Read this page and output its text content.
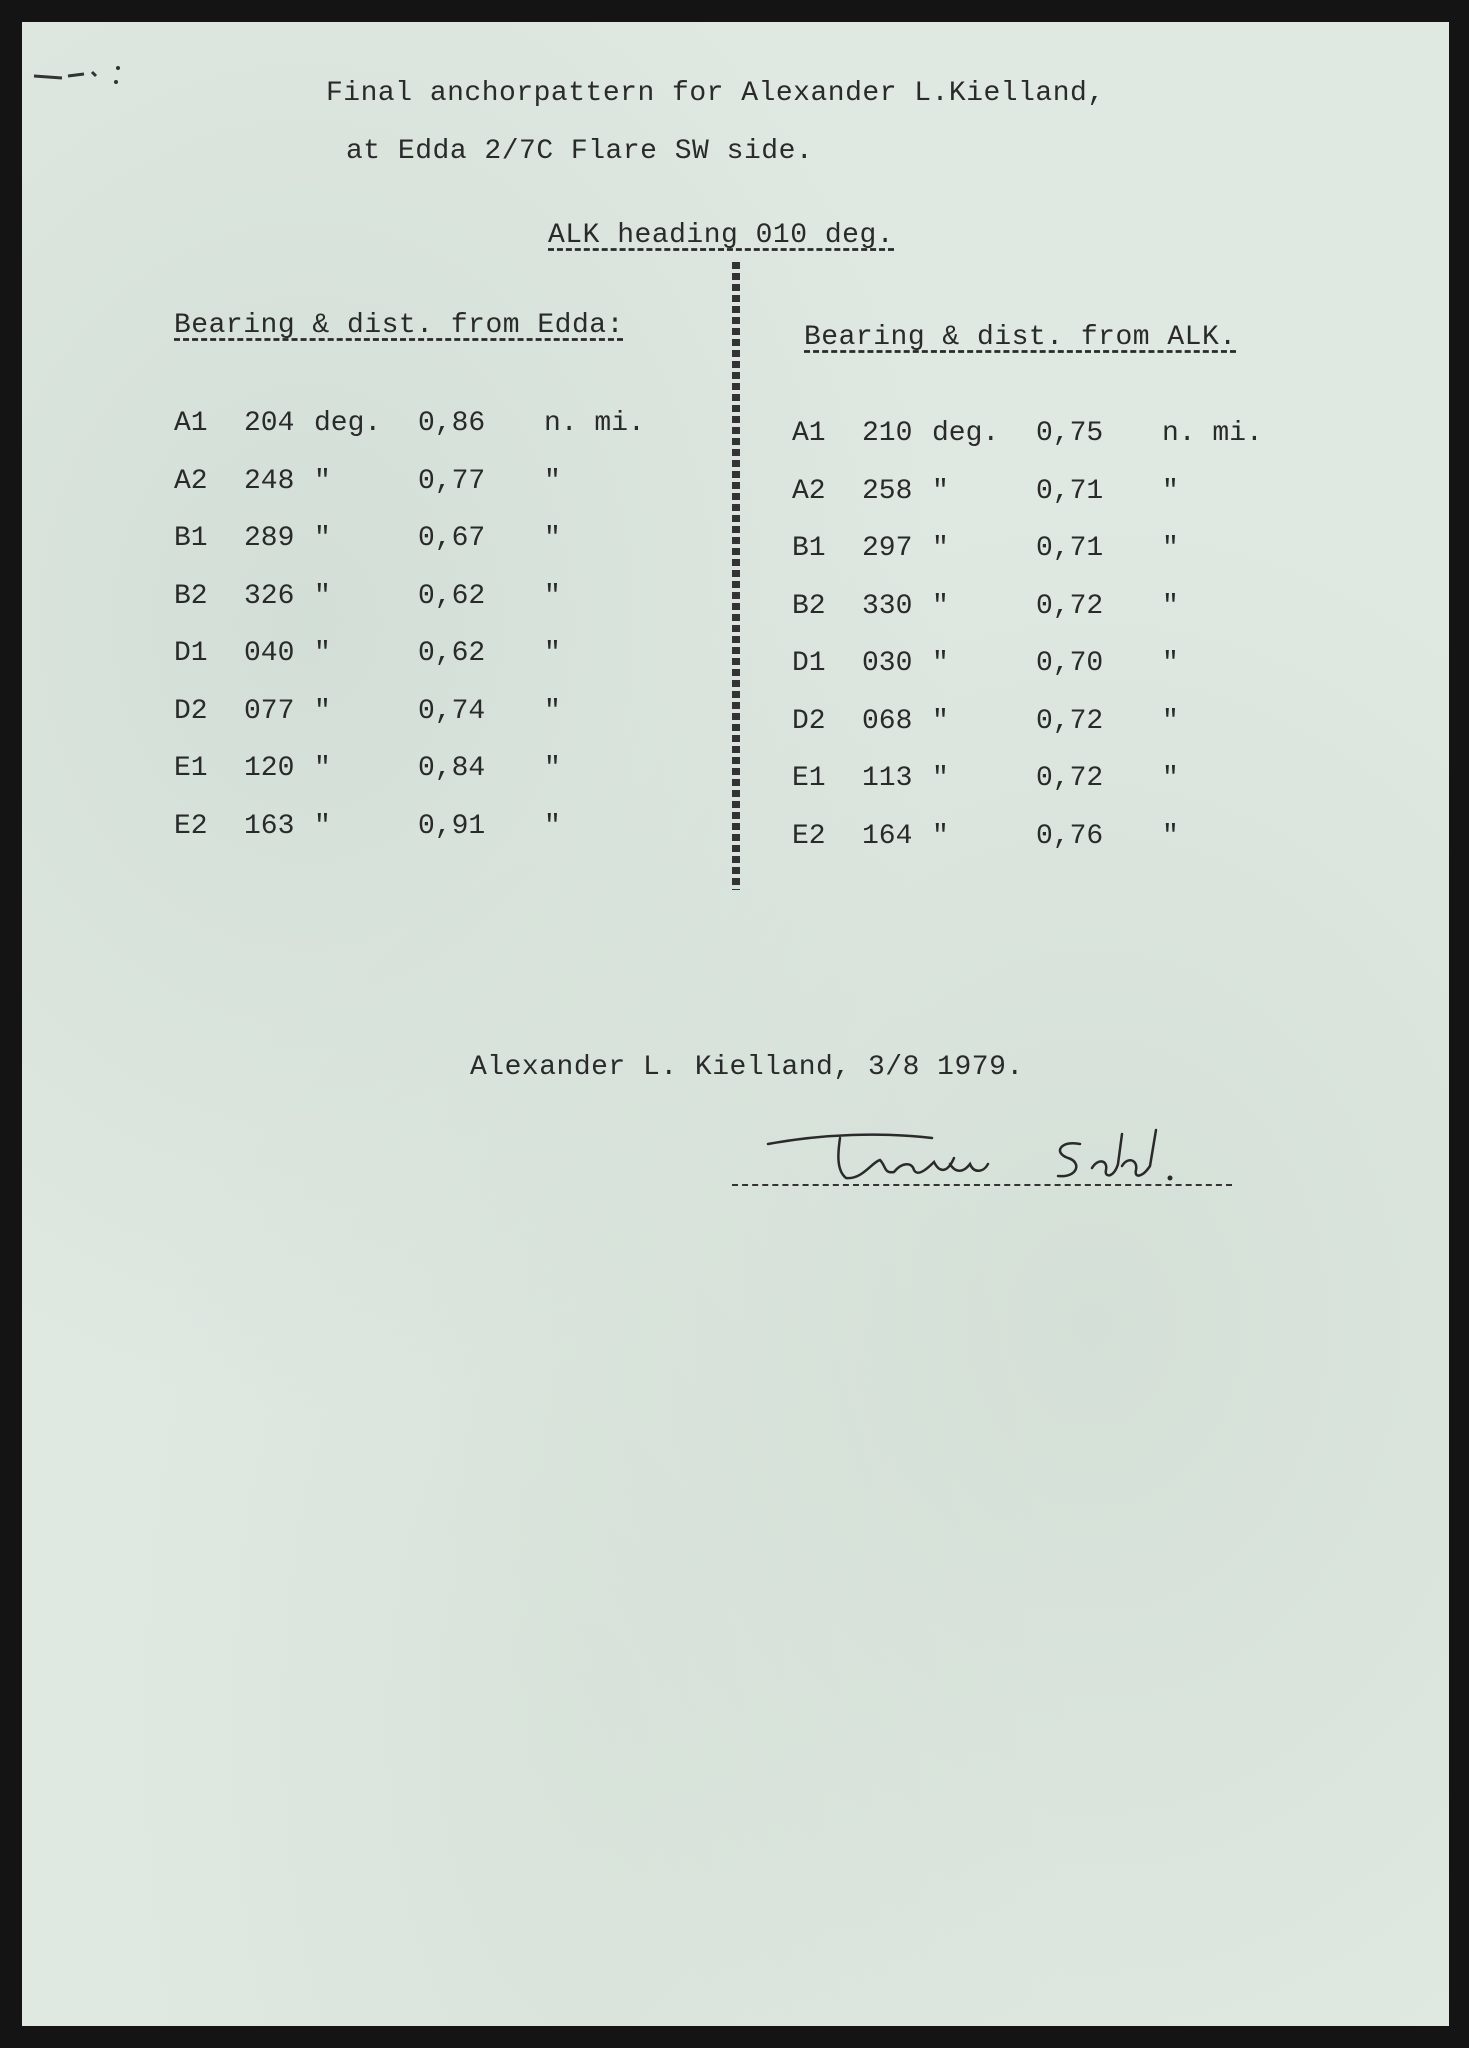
Final anchorpattern for Alexander L.Kielland,
at Edda 2/7C Flare SW side.
ALK heading 010 deg.
Bearing & dist. from Edda:	Bearing & dist. from ALK.
A1 204 deg. 0,86 n. mi.
A2 248 "	0,77 "
B1 289 "	0,67 "
B2 326 "	0,62 "
D1 040 "	0,62 "
D2 077 "	0,74 "
E1 120 "	0,84 "
E2 163 "	0,91 "
A1 210 deg. 0,75 n. mi.
A2 258 "	0,71 "
B1 297 "	0,71 "
B2 330 "	0,72 "
D1 030 "	0,70 "
D2 068 "	0,72 "
E1 113 "	0,72 "
E2 164 "	0,76 "
Alexander L. Kielland, 3/8 1979.
